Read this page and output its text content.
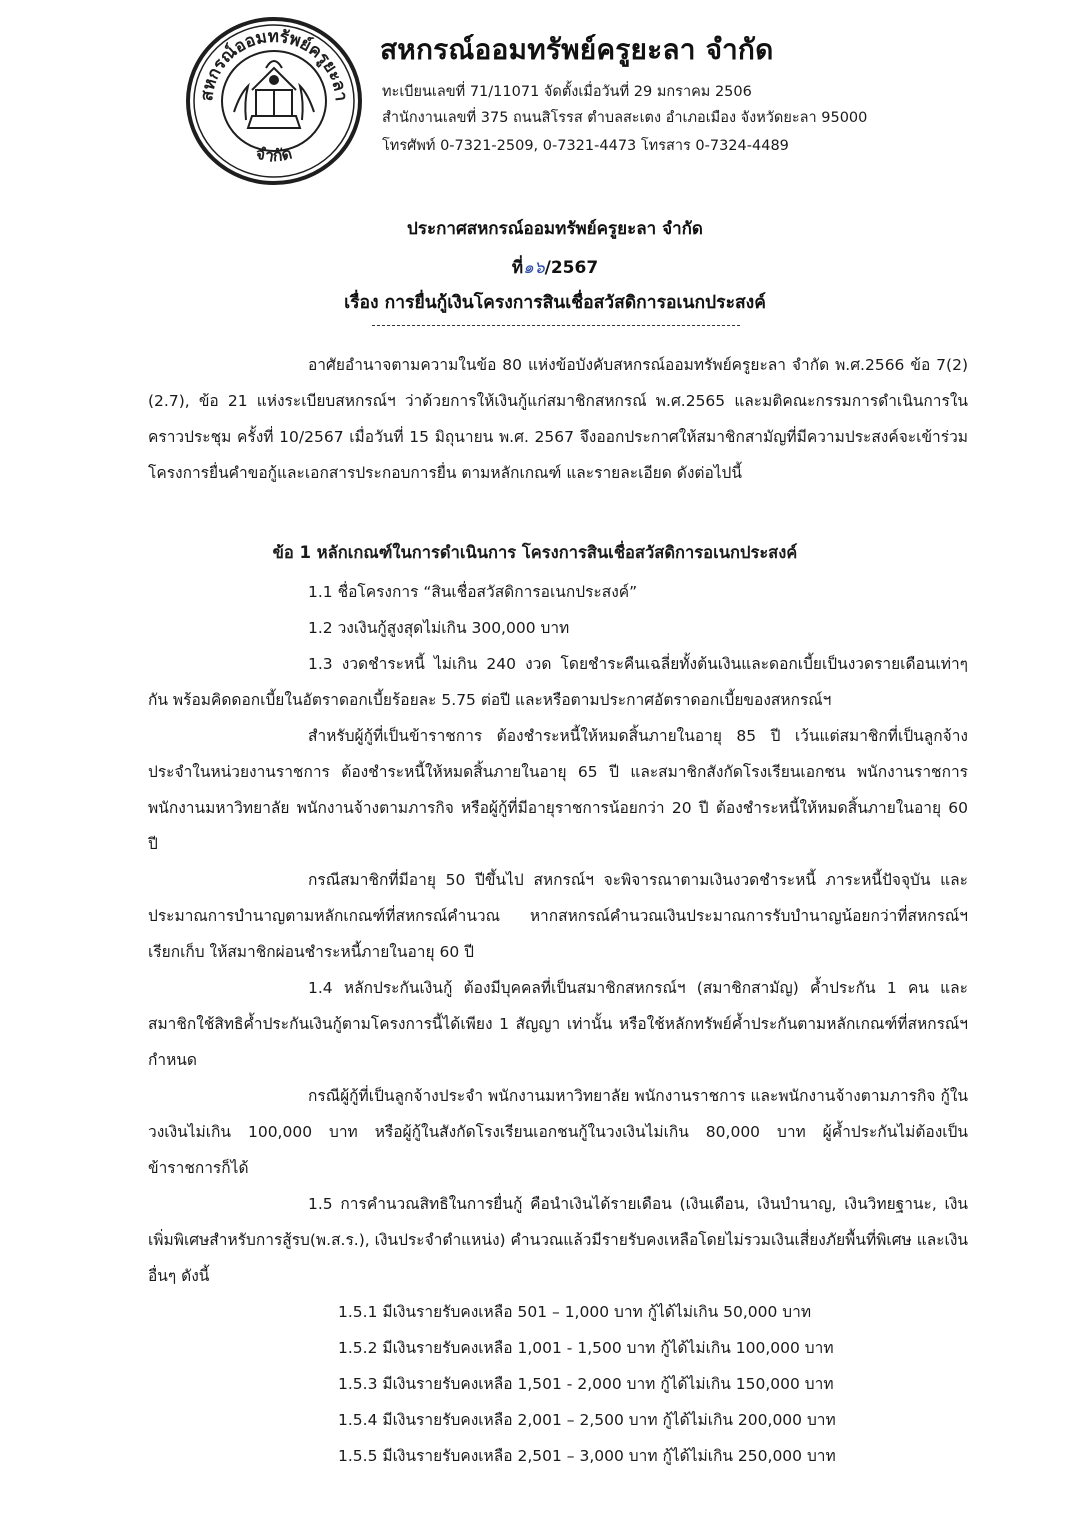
สหกรณ์ออมทรัพย์ครูยะลา
จำกัด
สหกรณ์ออมทรัพย์ครูยะลา จำกัด
ทะเบียนเลขที่ 71/11071 จัดตั้งเมื่อวันที่ 29 มกราคม 2506
สำนักงานเลขที่ 375 ถนนสิโรรส ตำบลสะเตง อำเภอเมือง จังหวัดยะลา 95000
โทรศัพท์ 0-7321-2509, 0-7321-4473 โทรสาร 0-7324-4489
ประกาศสหกรณ์ออมทรัพย์ครูยะลา จำกัด
ที่๑๖/2567
เรื่อง การยื่นกู้เงินโครงการสินเชื่อสวัสดิการอเนกประสงค์

อาศัยอำนาจตามความในข้อ 80 แห่งข้อบังคับสหกรณ์ออมทรัพย์ครูยะลา จำกัด พ.ศ.2566 ข้อ 7(2) (2.7), ข้อ 21 แห่งระเบียบสหกรณ์ฯ ว่าด้วยการให้เงินกู้แก่สมาชิกสหกรณ์ พ.ศ.2565 และมติคณะกรรมการดำเนินการในคราวประชุม ครั้งที่ 10/2567 เมื่อวันที่ 15 มิถุนายน พ.ศ. 2567 จึงออกประกาศให้สมาชิกสามัญที่มีความประสงค์จะเข้าร่วมโครงการยื่นคำขอกู้และเอกสารประกอบการยื่น ตามหลักเกณฑ์ และรายละเอียด ดังต่อไปนี้

ข้อ 1 หลักเกณฑ์ในการดำเนินการ โครงการสินเชื่อสวัสดิการอเนกประสงค์

1.1 ชื่อโครงการ “สินเชื่อสวัสดิการอเนกประสงค์”

1.2 วงเงินกู้สูงสุดไม่เกิน 300,000 บาท

1.3 งวดชำระหนี้ ไม่เกิน 240 งวด โดยชำระคืนเฉลี่ยทั้งต้นเงินและดอกเบี้ยเป็นงวดรายเดือนเท่าๆ กัน พร้อมคิดดอกเบี้ยในอัตราดอกเบี้ยร้อยละ 5.75 ต่อปี และหรือตามประกาศอัตราดอกเบี้ยของสหกรณ์ฯ

สำหรับผู้กู้ที่เป็นข้าราชการ ต้องชำระหนี้ให้หมดสิ้นภายในอายุ 85 ปี เว้นแต่สมาชิกที่เป็นลูกจ้างประจำในหน่วยงานราชการ ต้องชำระหนี้ให้หมดสิ้นภายในอายุ 65 ปี และสมาชิกสังกัดโรงเรียนเอกชน พนักงานราชการ พนักงานมหาวิทยาลัย พนักงานจ้างตามภารกิจ หรือผู้กู้ที่มีอายุราชการน้อยกว่า 20 ปี ต้องชำระหนี้ให้หมดสิ้นภายในอายุ 60 ปี

กรณีสมาชิกที่มีอายุ 50 ปีขึ้นไป สหกรณ์ฯ จะพิจารณาตามเงินงวดชำระหนี้ ภาระหนี้ปัจจุบัน และประมาณการบำนาญตามหลักเกณฑ์ที่สหกรณ์คำนวณ หากสหกรณ์คำนวณเงินประมาณการรับบำนาญน้อยกว่าที่สหกรณ์ฯเรียกเก็บ ให้สมาชิกผ่อนชำระหนี้ภายในอายุ 60 ปี

1.4 หลักประกันเงินกู้ ต้องมีบุคคลที่เป็นสมาชิกสหกรณ์ฯ (สมาชิกสามัญ) ค้ำประกัน 1 คน และสมาชิกใช้สิทธิค้ำประกันเงินกู้ตามโครงการนี้ได้เพียง 1 สัญญา เท่านั้น หรือใช้หลักทรัพย์ค้ำประกันตามหลักเกณฑ์ที่สหกรณ์ฯกำหนด

กรณีผู้กู้ที่เป็นลูกจ้างประจำ พนักงานมหาวิทยาลัย พนักงานราชการ และพนักงานจ้างตามภารกิจ กู้ในวงเงินไม่เกิน 100,000 บาท หรือผู้กู้ในสังกัดโรงเรียนเอกชนกู้ในวงเงินไม่เกิน 80,000 บาท ผู้ค้ำประกันไม่ต้องเป็นข้าราชการก็ได้

1.5 การคำนวณสิทธิในการยื่นกู้ คือนำเงินได้รายเดือน (เงินเดือน, เงินบำนาญ, เงินวิทยฐานะ, เงินเพิ่มพิเศษสำหรับการสู้รบ(พ.ส.ร.), เงินประจำตำแหน่ง) คำนวณแล้วมีรายรับคงเหลือโดยไม่รวมเงินเสี่ยงภัยพื้นที่พิเศษ และเงินอื่นๆ ดังนี้

1.5.1 มีเงินรายรับคงเหลือ 501 – 1,000 บาท กู้ได้ไม่เกิน 50,000 บาท
1.5.2 มีเงินรายรับคงเหลือ 1,001 - 1,500 บาท กู้ได้ไม่เกิน 100,000 บาท
1.5.3 มีเงินรายรับคงเหลือ 1,501 - 2,000 บาท กู้ได้ไม่เกิน 150,000 บาท
1.5.4 มีเงินรายรับคงเหลือ 2,001 – 2,500 บาท กู้ได้ไม่เกิน 200,000 บาท
1.5.5 มีเงินรายรับคงเหลือ 2,501 – 3,000 บาท กู้ได้ไม่เกิน 250,000 บาท
